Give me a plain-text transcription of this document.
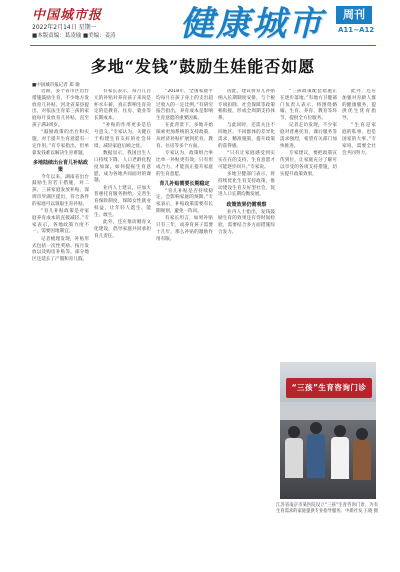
中国城市报
2022年2月14日 星期一
■本版责编：葛凌瑜 ■美编：姜涛 健康城市	周刊
A11~A12
多地“发钱”鼓励生娃能否如愿
■中国城市报记者 郑 瑜

近期，多个省市区出台措施鼓励生育，不少地方发放育儿补贴。河北省某县提出，对依法生育第三孩的家庭每月发放育儿补贴，直至孩子满3周岁。

“鼓励政策的出台和实施，对于提升生育意愿有一定作用。”有专家指出，但单靠发钱难以解决生育难题。

多地陆续出台育儿补贴政策

今年以来，湖南省出台鼓励生育若干措施，对二孩、三孩家庭发放补贴。深圳市罗湖区提出，符合条件的家庭可以领取生育补贴。

“育儿补贴政策是对家庭养育成本的直接减轻。”专家表示，各地政策力度不一，需要因地制宜。

记者梳理发现，补贴形式包括一次性奖励、按月发放以及购房补贴等。部分地区还延长了产假和育儿假。

有家长表示，每月几百元的补贴对养育孩子来说是杯水车薪，真正影响生育决定的是教育、住房、就业等长期成本。

“补贴的作用更多是信号意义。”专家认为，关键在于构建生育友好的社会环境，减轻家庭后顾之忧。

数据显示，我国出生人口持续下降，人口老龄化程度加深。如何提振生育意愿，成为各地共同面对的课题。

业内人士建议，应加大普惠托育服务供给，完善生育保险制度，保障女性就业权益，让年轻人愿生、能生、敢生。

此外，还应推动婚育文化建设，倡导家庭共同承担育儿责任。

“2018年，全国家庭平均每月在孩子身上的支出超过收入的一定比例。”有研究报告指出，养育成本是影响生育意愿的重要因素。

在此背景下，多地开始探索更加系统的支持政策，从经济补贴扩展到托育、教育、住房等多个方面。

专家认为，政策组合拳比单一补贴更有效，只有形成合力，才能真正提升家庭的生育意愿。

育儿补贴需要长期稳定

“育儿补贴是否持续稳定，会影响家庭的预期。”专家表示，补贴政策需要有长期规划，避免一阵风。

有家长坦言，如果补贴只有三年，而养育孩子需要十几年，那么补贴的激励作用有限。

因此，建议将育儿补贴纳入长期制度安排，与个税专项扣除、社会保障等政策相衔接，形成全周期支持体系。

与此同时，还需关注不同地区、不同群体的差异化需求，精准施策，提升政策的获得感。

“只有让家庭感受到实实在在的支持，生育意愿才可能逐步回升。”专家说。

多地卫健部门表示，将持续优化生育支持政策，推动建设生育友好型社会，促进人口长期均衡发展。

政策效果仍需观察

业内人士指出，发钱鼓励生育的效果还有待时间检验，需要结合多方面措施综合发力。

“三孩政策配套措施正在逐步落地。”有地方卫健部门负责人表示，将围绕婚嫁、生育、养育、教育等环节，提供全方位服务。

记者走访发现，不少家庭对普惠托育、课后服务等需求强烈，希望有关部门加快推进。

专家建议，要把政策宣传到位，让家庭充分了解可以享受的各项支持措施，切实提升政策效果。

此外，还应加强对育龄人群的健康服务，提供优生优育指导。

“生育是家庭的私事，也是国家的大事。”专家说，需要全社会共同努力。

“三孩”生育咨询门诊
江苏省南京市某医院设立“三孩”生育咨询门诊，为有生育需求的家庭提供专业指导服务。 中新社发 王晓 摄
